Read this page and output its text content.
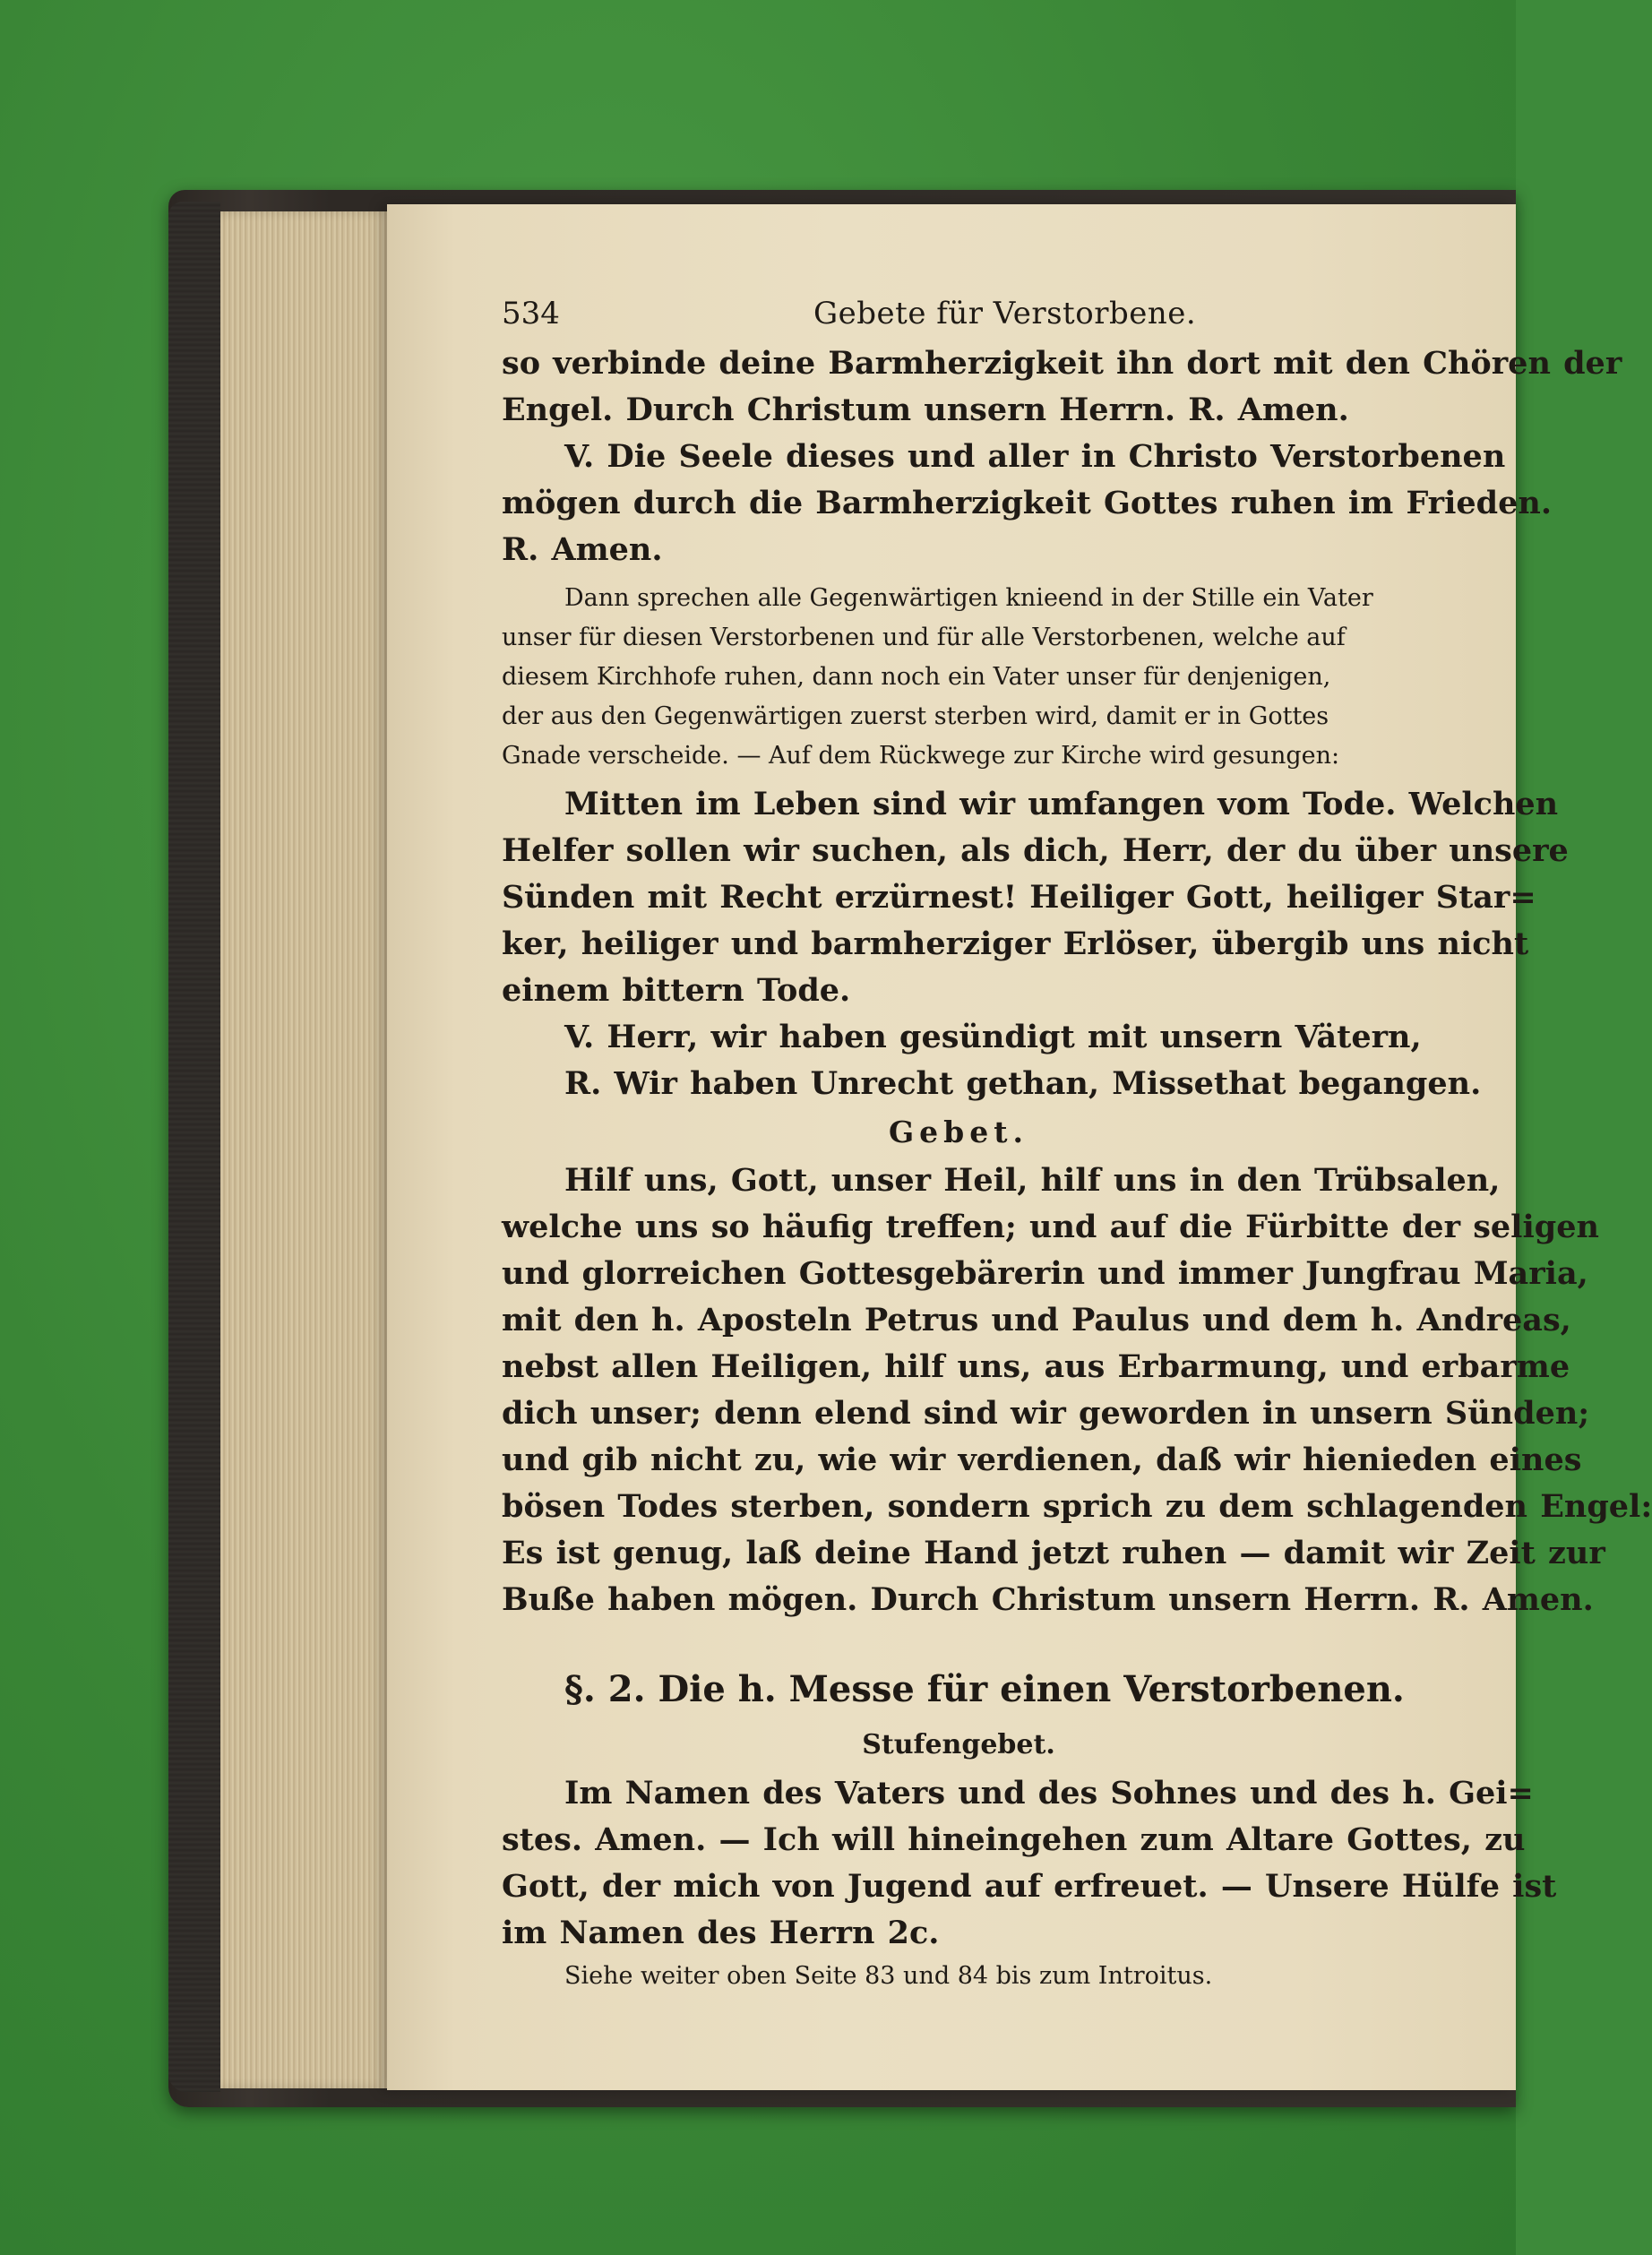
534	Gebete für Verstorbene.
so verbinde deine Barmherzigkeit ihn dort mit den Chören der
Engel. Durch Christum unsern Herrn. R. Amen.
V. Die Seele dieses und aller in Christo Verstorbenen
mögen durch die Barmherzigkeit Gottes ruhen im Frieden.
R. Amen.
Dann sprechen alle Gegenwärtigen knieend in der Stille ein Vater
unser für diesen Verstorbenen und für alle Verstorbenen, welche auf
diesem Kirchhofe ruhen, dann noch ein Vater unser für denjenigen,
der aus den Gegenwärtigen zuerst sterben wird, damit er in Gottes
Gnade verscheide. — Auf dem Rückwege zur Kirche wird gesungen:
Mitten im Leben sind wir umfangen vom Tode. Welchen
Helfer sollen wir suchen, als dich, Herr, der du über unsere
Sünden mit Recht erzürnest! Heiliger Gott, heiliger Star=
ker, heiliger und barmherziger Erlöser, übergib uns nicht
einem bittern Tode.
V. Herr, wir haben gesündigt mit unsern Vätern,
R. Wir haben Unrecht gethan, Missethat begangen.
Gebet.
Hilf uns, Gott, unser Heil, hilf uns in den Trübsalen,
welche uns so häufig treffen; und auf die Fürbitte der seligen
und glorreichen Gottesgebärerin und immer Jungfrau Maria,
mit den h. Aposteln Petrus und Paulus und dem h. Andreas,
nebst allen Heiligen, hilf uns, aus Erbarmung, und erbarme
dich unser; denn elend sind wir geworden in unsern Sünden;
und gib nicht zu, wie wir verdienen, daß wir hienieden eines
bösen Todes sterben, sondern sprich zu dem schlagenden Engel:
Es ist genug, laß deine Hand jetzt ruhen — damit wir Zeit zur
Buße haben mögen. Durch Christum unsern Herrn. R. Amen.
§. 2. Die h. Messe für einen Verstorbenen.
Stufengebet.
Im Namen des Vaters und des Sohnes und des h. Gei=
stes. Amen. — Ich will hineingehen zum Altare Gottes, zu
Gott, der mich von Jugend auf erfreuet. — Unsere Hülfe ist
im Namen des Herrn 2c.
Siehe weiter oben Seite 83 und 84 bis zum Introitus.
